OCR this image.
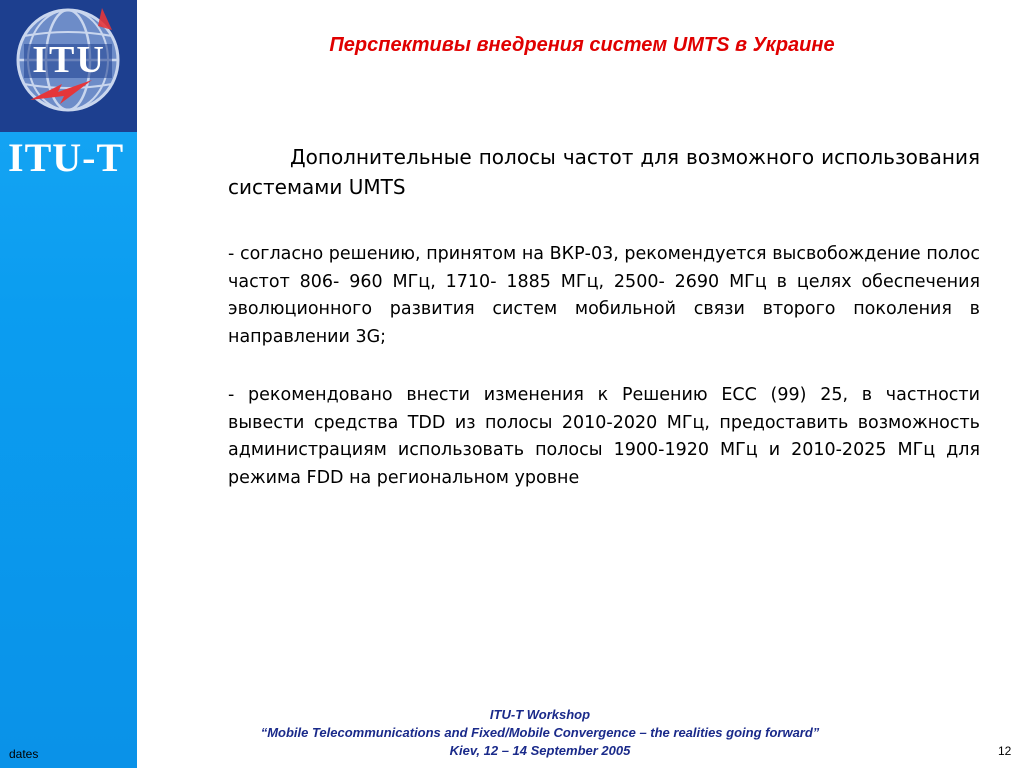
ITU
ITU-T
dates
Перспективы внедрения систем UMTS в Украине

Дополнительные полосы частот для возможного использования системами UMTS

- согласно решению, принятом на ВКР-03, рекомендуется высвобождение полос частот 806- 960 МГц, 1710- 1885 МГц, 2500- 2690 МГц в целях обеспечения эволюционного развития систем мобильной связи второго поколения в направлении 3G;

- рекомендовано внести изменения к Решению ЕСС (99) 25, в частности вывести средства TDD из полосы 2010-2020 МГц, предоставить возможность администрациям использовать полосы 1900-1920 МГц и 2010-2025 МГц для режима FDD на региональном уровне

ITU-T Workshop
“Mobile Telecommunications and Fixed/Mobile Convergence – the realities going forward”
Kiev, 12 – 14 September 2005	12
